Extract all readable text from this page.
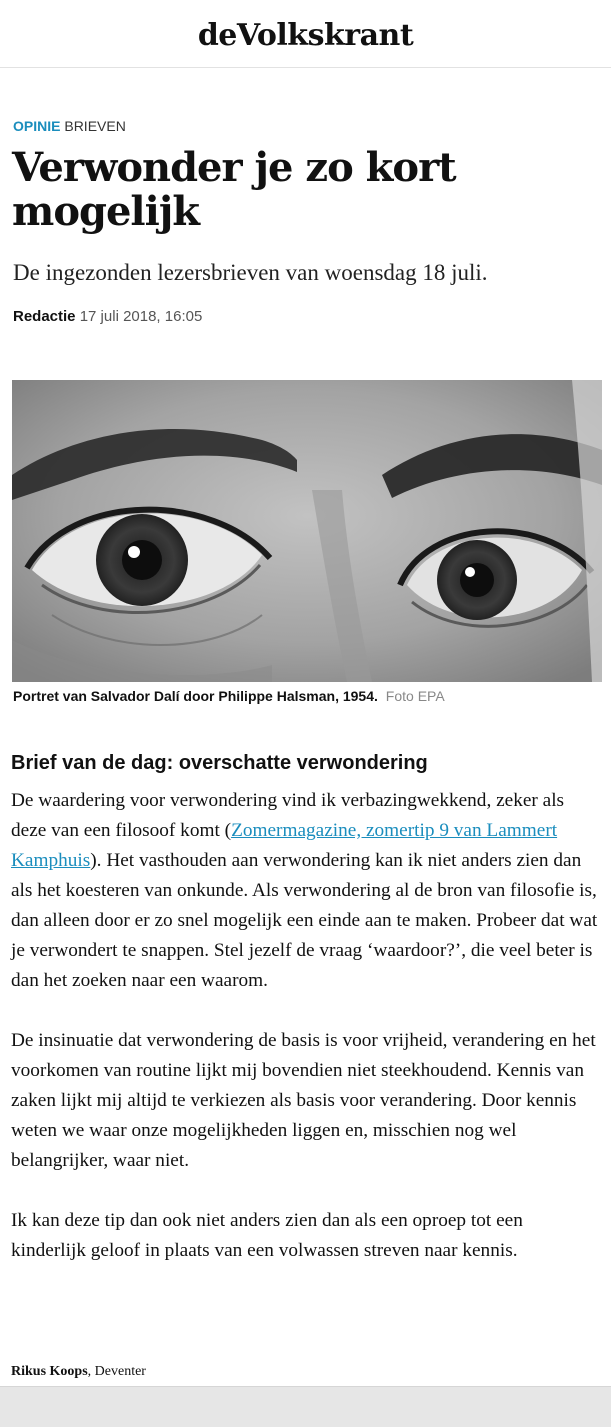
deVolkskrant
OPINIE BRIEVEN
Verwonder je zo kort mogelijk

De ingezonden lezersbrieven van woensdag 18 juli.

Redactie 17 juli 2018, 16:05
Portret van Salvador Dalí door Philippe Halsman, 1954. Foto EPA
Brief van de dag: overschatte verwondering

De waardering voor verwondering vind ik verbazingwekkend, zeker als deze van een filosoof komt (Zomermagazine, zomertip 9 van Lammert Kamphuis). Het vasthouden aan verwondering kan ik niet anders zien dan als het koesteren van onkunde. Als verwondering al de bron van filosofie is, dan alleen door er zo snel mogelijk een einde aan te maken. Probeer dat wat je verwondert te snappen. Stel jezelf de vraag ‘waardoor?’, die veel beter is dan het zoeken naar een waarom.

De insinuatie dat verwondering de basis is voor vrijheid, verandering en het voorkomen van routine lijkt mij bovendien niet steekhoudend. Kennis van zaken lijkt mij altijd te verkiezen als basis voor verandering. Door kennis weten we waar onze mogelijkheden liggen en, misschien nog wel belangrijker, waar niet.

Ik kan deze tip dan ook niet anders zien dan als een oproep tot een kinderlijk geloof in plaats van een volwassen streven naar kennis.

Rikus Koops, Deventer
